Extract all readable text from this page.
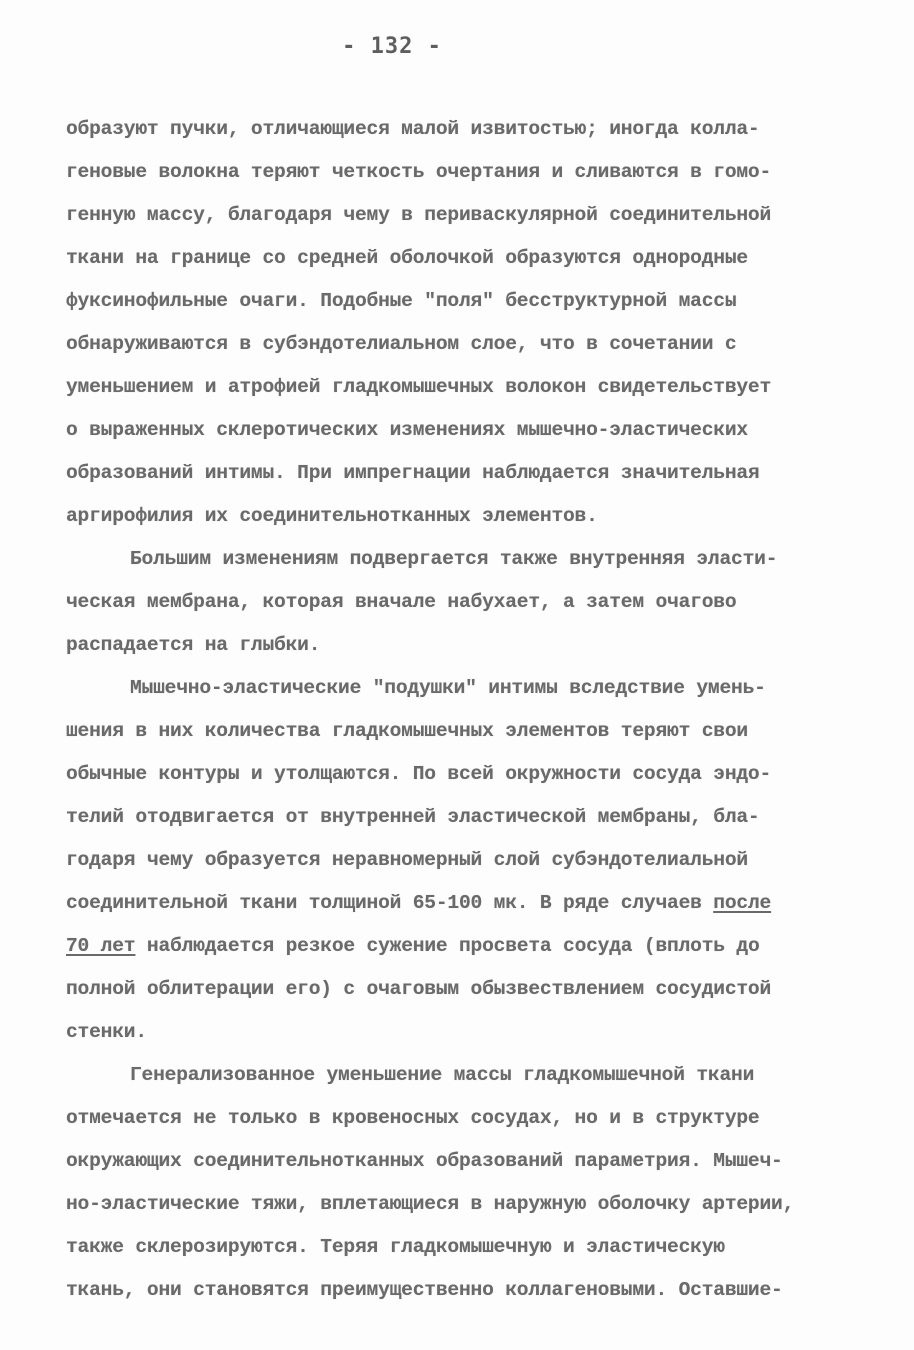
- 132 -
образуют пучки, отличающиеся малой извитостью; иногда колла-
геновые волокна теряют четкость очертания и сливаются в гомо-
генную массу, благодаря чему в периваскулярной соединительной
ткани на границе со средней оболочкой образуются однородные
фуксинофильные очаги. Подобные "поля" бесструктурной массы
обнаруживаются в субэндотелиальном слое, что в сочетании с
уменьшением и атрофией гладкомышечных волокон свидетельствует
о выраженных склеротических изменениях мышечно-эластических
образований интимы. При импрегнации наблюдается значительная
аргирофилия их соединительнотканных элементов.
Большим изменениям подвергается также внутренняя эласти-
ческая мембрана, которая вначале набухает, а затем очагово
распадается на глыбки.
Мышечно-эластические "подушки" интимы вследствие умень-
шения в них количества гладкомышечных элементов теряют свои
обычные контуры и утолщаются. По всей окружности сосуда эндо-
телий отодвигается от внутренней эластической мембраны, бла-
годаря чему образуется неравномерный слой субэндотелиальной
соединительной ткани толщиной 65-100 мк. В ряде случаев после
70 лет наблюдается резкое сужение просвета сосуда (вплоть до
полной облитерации его) с очаговым обызвествлением сосудистой
стенки.
Генерализованное уменьшение массы гладкомышечной ткани
отмечается не только в кровеносных сосудах, но и в структуре
окружающих соединительнотканных образований параметрия. Мышеч-
но-эластические тяжи, вплетающиеся в наружную оболочку артерии,
также склерозируются. Теряя гладкомышечную и эластическую
ткань, они становятся преимущественно коллагеновыми. Оставшие-
